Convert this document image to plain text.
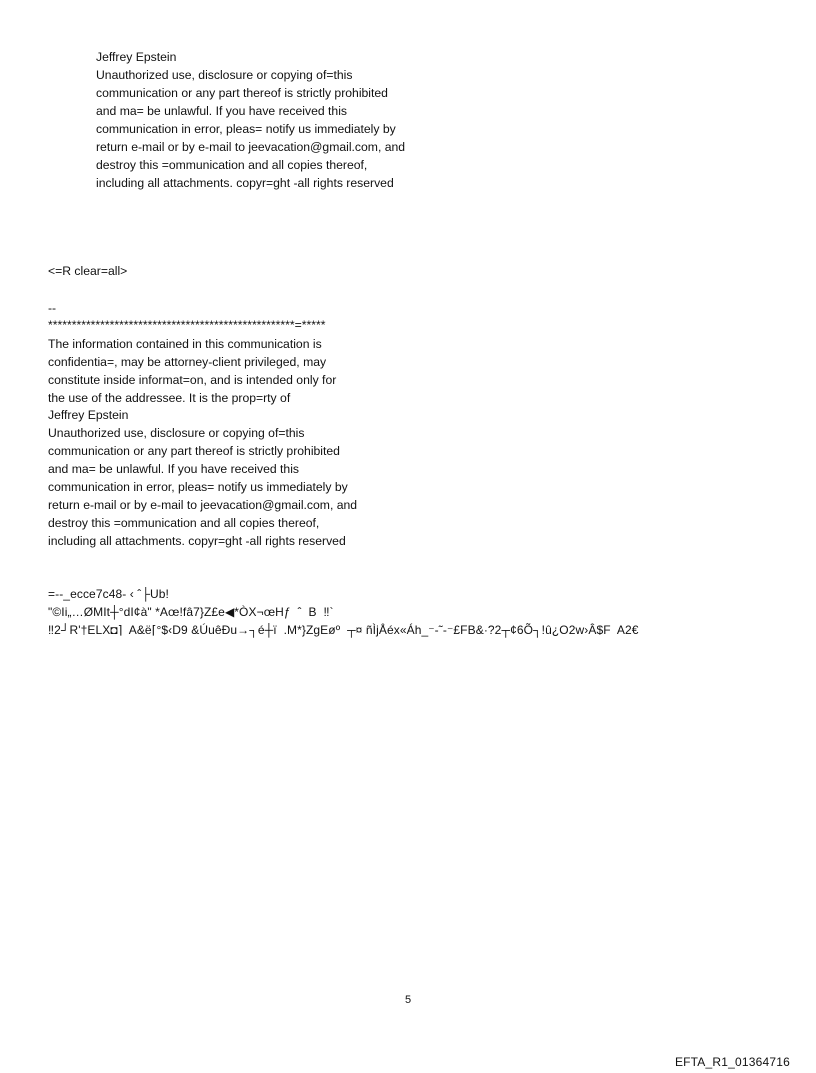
Jeffrey Epstein
Unauthorized use, disclosure or copying of=this
communication or any part thereof is strictly prohibited
and ma= be unlawful. If you have received this
communication in error, pleas= notify us immediately by
return e-mail or by e-mail to jeevacation@gmail.com, and
destroy this =ommunication and all copies thereof,
including all attachments. copyr=ght -all rights reserved
<=R clear=all>
--
****************************************************=*****
The information contained in this communication is
confidentia=, may be attorney-client privileged, may
constitute inside informat=on, and is intended only for
the use of the addressee. It is the prop=rty of
Jeffrey Epstein
Unauthorized use, disclosure or copying of=this
communication or any part thereof is strictly prohibited
and ma= be unlawful. If you have received this
communication in error, pleas= notify us immediately by
return e-mail or by e-mail to jeevacation@gmail.com, and
destroy this =ommunication and all copies thereof,
including all attachments. copyr=ght -all rights reserved
=--_ecce7c48- ‹ ˆ├Ub!
"©Ii„…ØMIt┼°dI¢à" *Aœ!fâ7}Z£e◀*ÒX¬œHƒ  ˆ  B  ‼`
‼2┘R'†ELX◘⌉  A&ë⌈°$‹D9 &ÚuêÐu→┐é┼ï  .M*}ZgEøº  ┬¤ ñÌjÅéx«Áh_⁻-˜-⁻£FB&·?2┬¢6Õ┐!û¿O2w›Â$F  A2€
5
EFTA_R1_01364716
